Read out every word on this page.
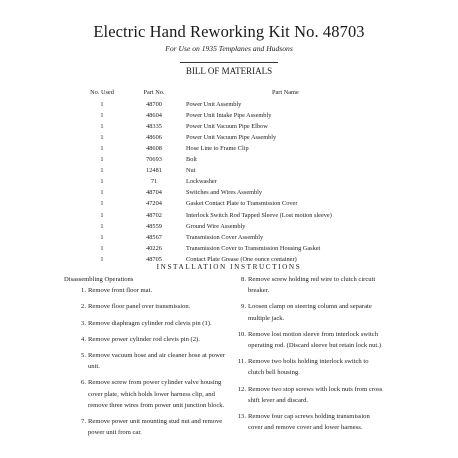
Electric Hand Reworking Kit No. 48703
For Use on 1935 Templanes and Hudsons
BILL OF MATERIALS
No. Used	Part No.	Part Name
1	48700	Power Unit Assembly
1	48604	Power Unit Intake Pipe Assembly
1	48335	Power Unit Vacuum Pipe Elbow
1	48606	Power Unit Vacuum Pipe Assembly
1	48608	Hose Line to Frame Clip
1	70693	Bolt
1	12481	Nut
1	71	Lockwasher
1	48704	Switches and Wires Assembly
1	47204	Gasket Contact Plate to Transmission Cover
1	48702	Interlock Switch Rod Tapped Sleeve (Lost motion sleeve)
1	48559	Ground Wire Assembly
1	48567	Transmission Cover Assembly
1	40226	Transmission Cover to Transmission Housing Gasket
1	48705	Contact Plate Grease (One ounce container)
INSTALLATION INSTRUCTIONS
Disassembling Operations
1. Remove front floor mat.
2. Remove floor panel over transmission.
3. Remove diaphragm cylinder rod clevis pin (1).
4. Remove power cylinder rod clevis pin (2).
5. Remove vacuum hose and air cleaner hose at power unit.
6. Remove screw from power cylinder valve housing cover plate, which holds lower harness clip, and remove three wires from power unit junction block.
7. Remove power unit mounting stud nut and remove power unit from car.
8. Remove screw holding red wire to clutch circuit breaker.
9. Loosen clamp on steering column and separate multiple jack.
10. Remove lost motion sleeve from interlock switch operating rod. (Discard sleeve but retain lock nut.)
11. Remove two bolts holding interlock switch to clutch bell housing.
12. Remove two stop screws with lock nuts from cross shift lever and discard.
13. Remove four cap screws holding transmission cover and remove cover and lower harness.
